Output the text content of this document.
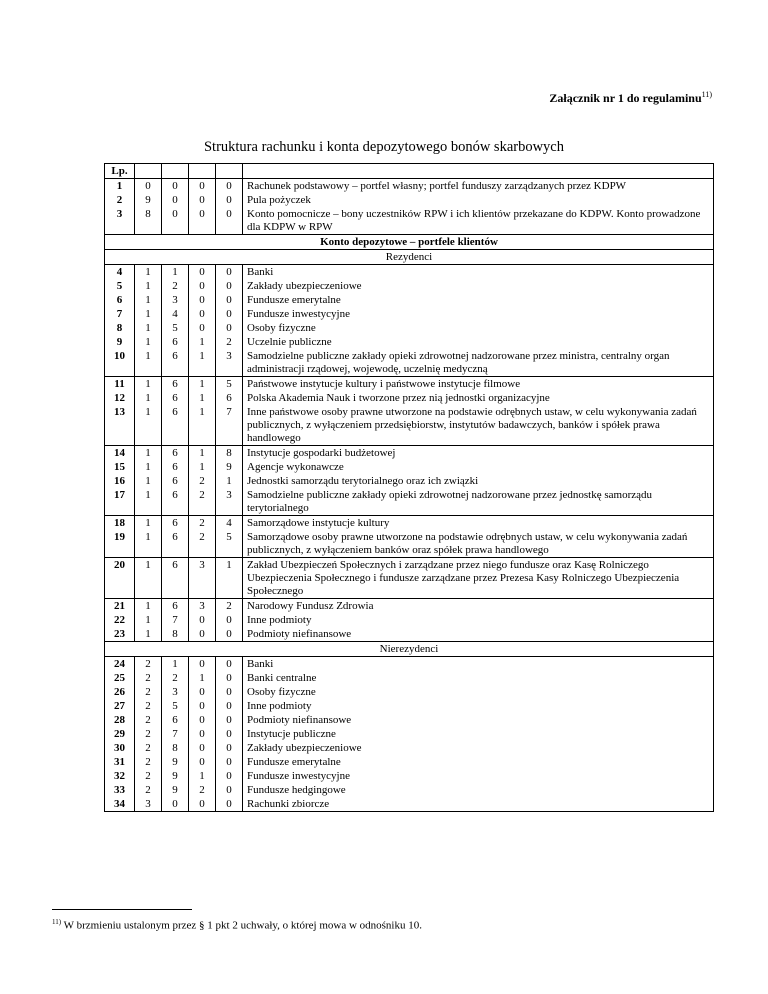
Załącznik nr 1 do regulaminu$^{11)}$
Struktura rachunku i konta depozytowego bonów skarbowych
Lp.					
1	0	0	0	0	Rachunek podstawowy – portfel własny; portfel funduszy zarządzanych przez KDPW
2	9	0	0	0	Pula pożyczek
3	8	0	0	0	Konto pomocnicze – bony uczestników RPW i ich klientów przekazane do KDPW. Konto prowadzone dla KDPW w RPW
Konto depozytowe – portfele klientów					
Rezydenci					
4	1	1	0	0	Banki
5	1	2	0	0	Zakłady ubezpieczeniowe
6	1	3	0	0	Fundusze emerytalne
7	1	4	0	0	Fundusze inwestycyjne
8	1	5	0	0	Osoby fizyczne
9	1	6	1	2	Uczelnie publiczne
10	1	6	1	3	Samodzielne publiczne zakłady opieki zdrowotnej nadzorowane przez ministra, centralny organ administracji rządowej, wojewodę, uczelnię medyczną
11	1	6	1	5	Państwowe instytucje kultury i państwowe instytucje filmowe
12	1	6	1	6	Polska Akademia Nauk i tworzone przez nią jednostki organizacyjne
13	1	6	1	7	Inne państwowe osoby prawne utworzone na podstawie odrębnych ustaw, w celu wykonywania zadań publicznych, z wyłączeniem przedsiębiorstw, instytutów badawczych, banków i spółek prawa handlowego
14	1	6	1	8	Instytucje gospodarki budżetowej
15	1	6	1	9	Agencje wykonawcze
16	1	6	2	1	Jednostki samorządu terytorialnego oraz ich związki
17	1	6	2	3	Samodzielne publiczne zakłady opieki zdrowotnej nadzorowane przez jednostkę samorządu terytorialnego
18	1	6	2	4	Samorządowe instytucje kultury
19	1	6	2	5	Samorządowe osoby prawne utworzone na podstawie odrębnych ustaw, w celu wykonywania zadań publicznych, z wyłączeniem banków oraz spółek prawa handlowego
20	1	6	3	1	Zakład Ubezpieczeń Społecznych i zarządzane przez niego fundusze oraz Kasę Rolniczego Ubezpieczenia Społecznego i fundusze zarządzane przez Prezesa Kasy Rolniczego Ubezpieczenia Społecznego
21	1	6	3	2	Narodowy Fundusz Zdrowia
22	1	7	0	0	Inne podmioty
23	1	8	0	0	Podmioty niefinansowe
Nierezydenci					
24	2	1	0	0	Banki
25	2	2	1	0	Banki centralne
26	2	3	0	0	Osoby fizyczne
27	2	5	0	0	Inne podmioty
28	2	6	0	0	Podmioty niefinansowe
29	2	7	0	0	Instytucje publiczne
30	2	8	0	0	Zakłady ubezpieczeniowe
31	2	9	0	0	Fundusze emerytalne
32	2	9	1	0	Fundusze inwestycyjne
33	2	9	2	0	Fundusze hedgingowe
34	3	0	0	0	Rachunki zbiorcze
$^{11)}$ W brzmieniu ustalonym przez § 1 pkt 2 uchwały, o której mowa w odnośniku 10.
